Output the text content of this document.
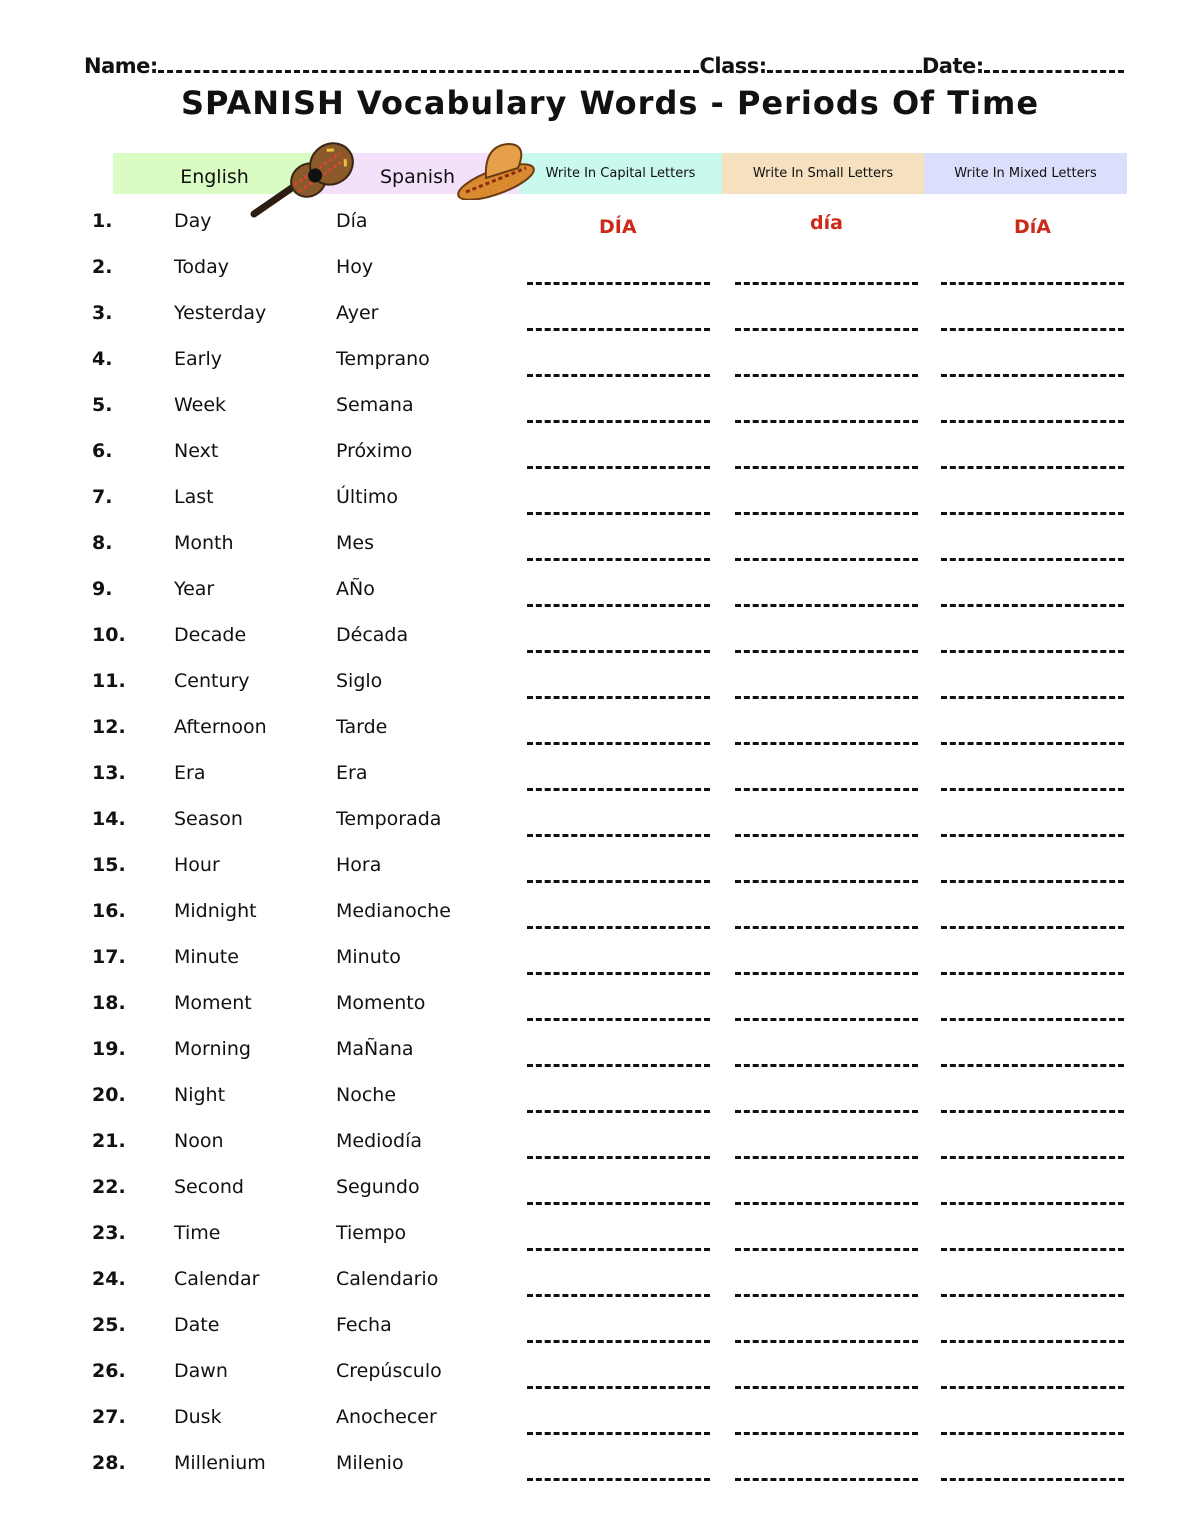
Name:	Class:	Date:
SPANISH Vocabulary Words - Periods Of Time
English	Spanish	Write In Capital Letters	Write In Small Letters	Write In Mixed Letters
1.	Day	Día	DÍA	día	DíA
2.	Today	Hoy
3.	Yesterday	Ayer
4.	Early	Temprano
5.	Week	Semana
6.	Next	Próximo
7.	Last	Último
8.	Month	Mes
9.	Year	AÑo
10.	Decade	Década
11.	Century	Siglo
12.	Afternoon	Tarde
13.	Era	Era
14.	Season	Temporada
15.	Hour	Hora
16.	Midnight	Medianoche
17.	Minute	Minuto
18.	Moment	Momento
19.	Morning	MaÑana
20.	Night	Noche
21.	Noon	Mediodía
22.	Second	Segundo
23.	Time	Tiempo
24.	Calendar	Calendario
25.	Date	Fecha
26.	Dawn	Crepúsculo
27.	Dusk	Anochecer
28.	Millenium	Milenio
